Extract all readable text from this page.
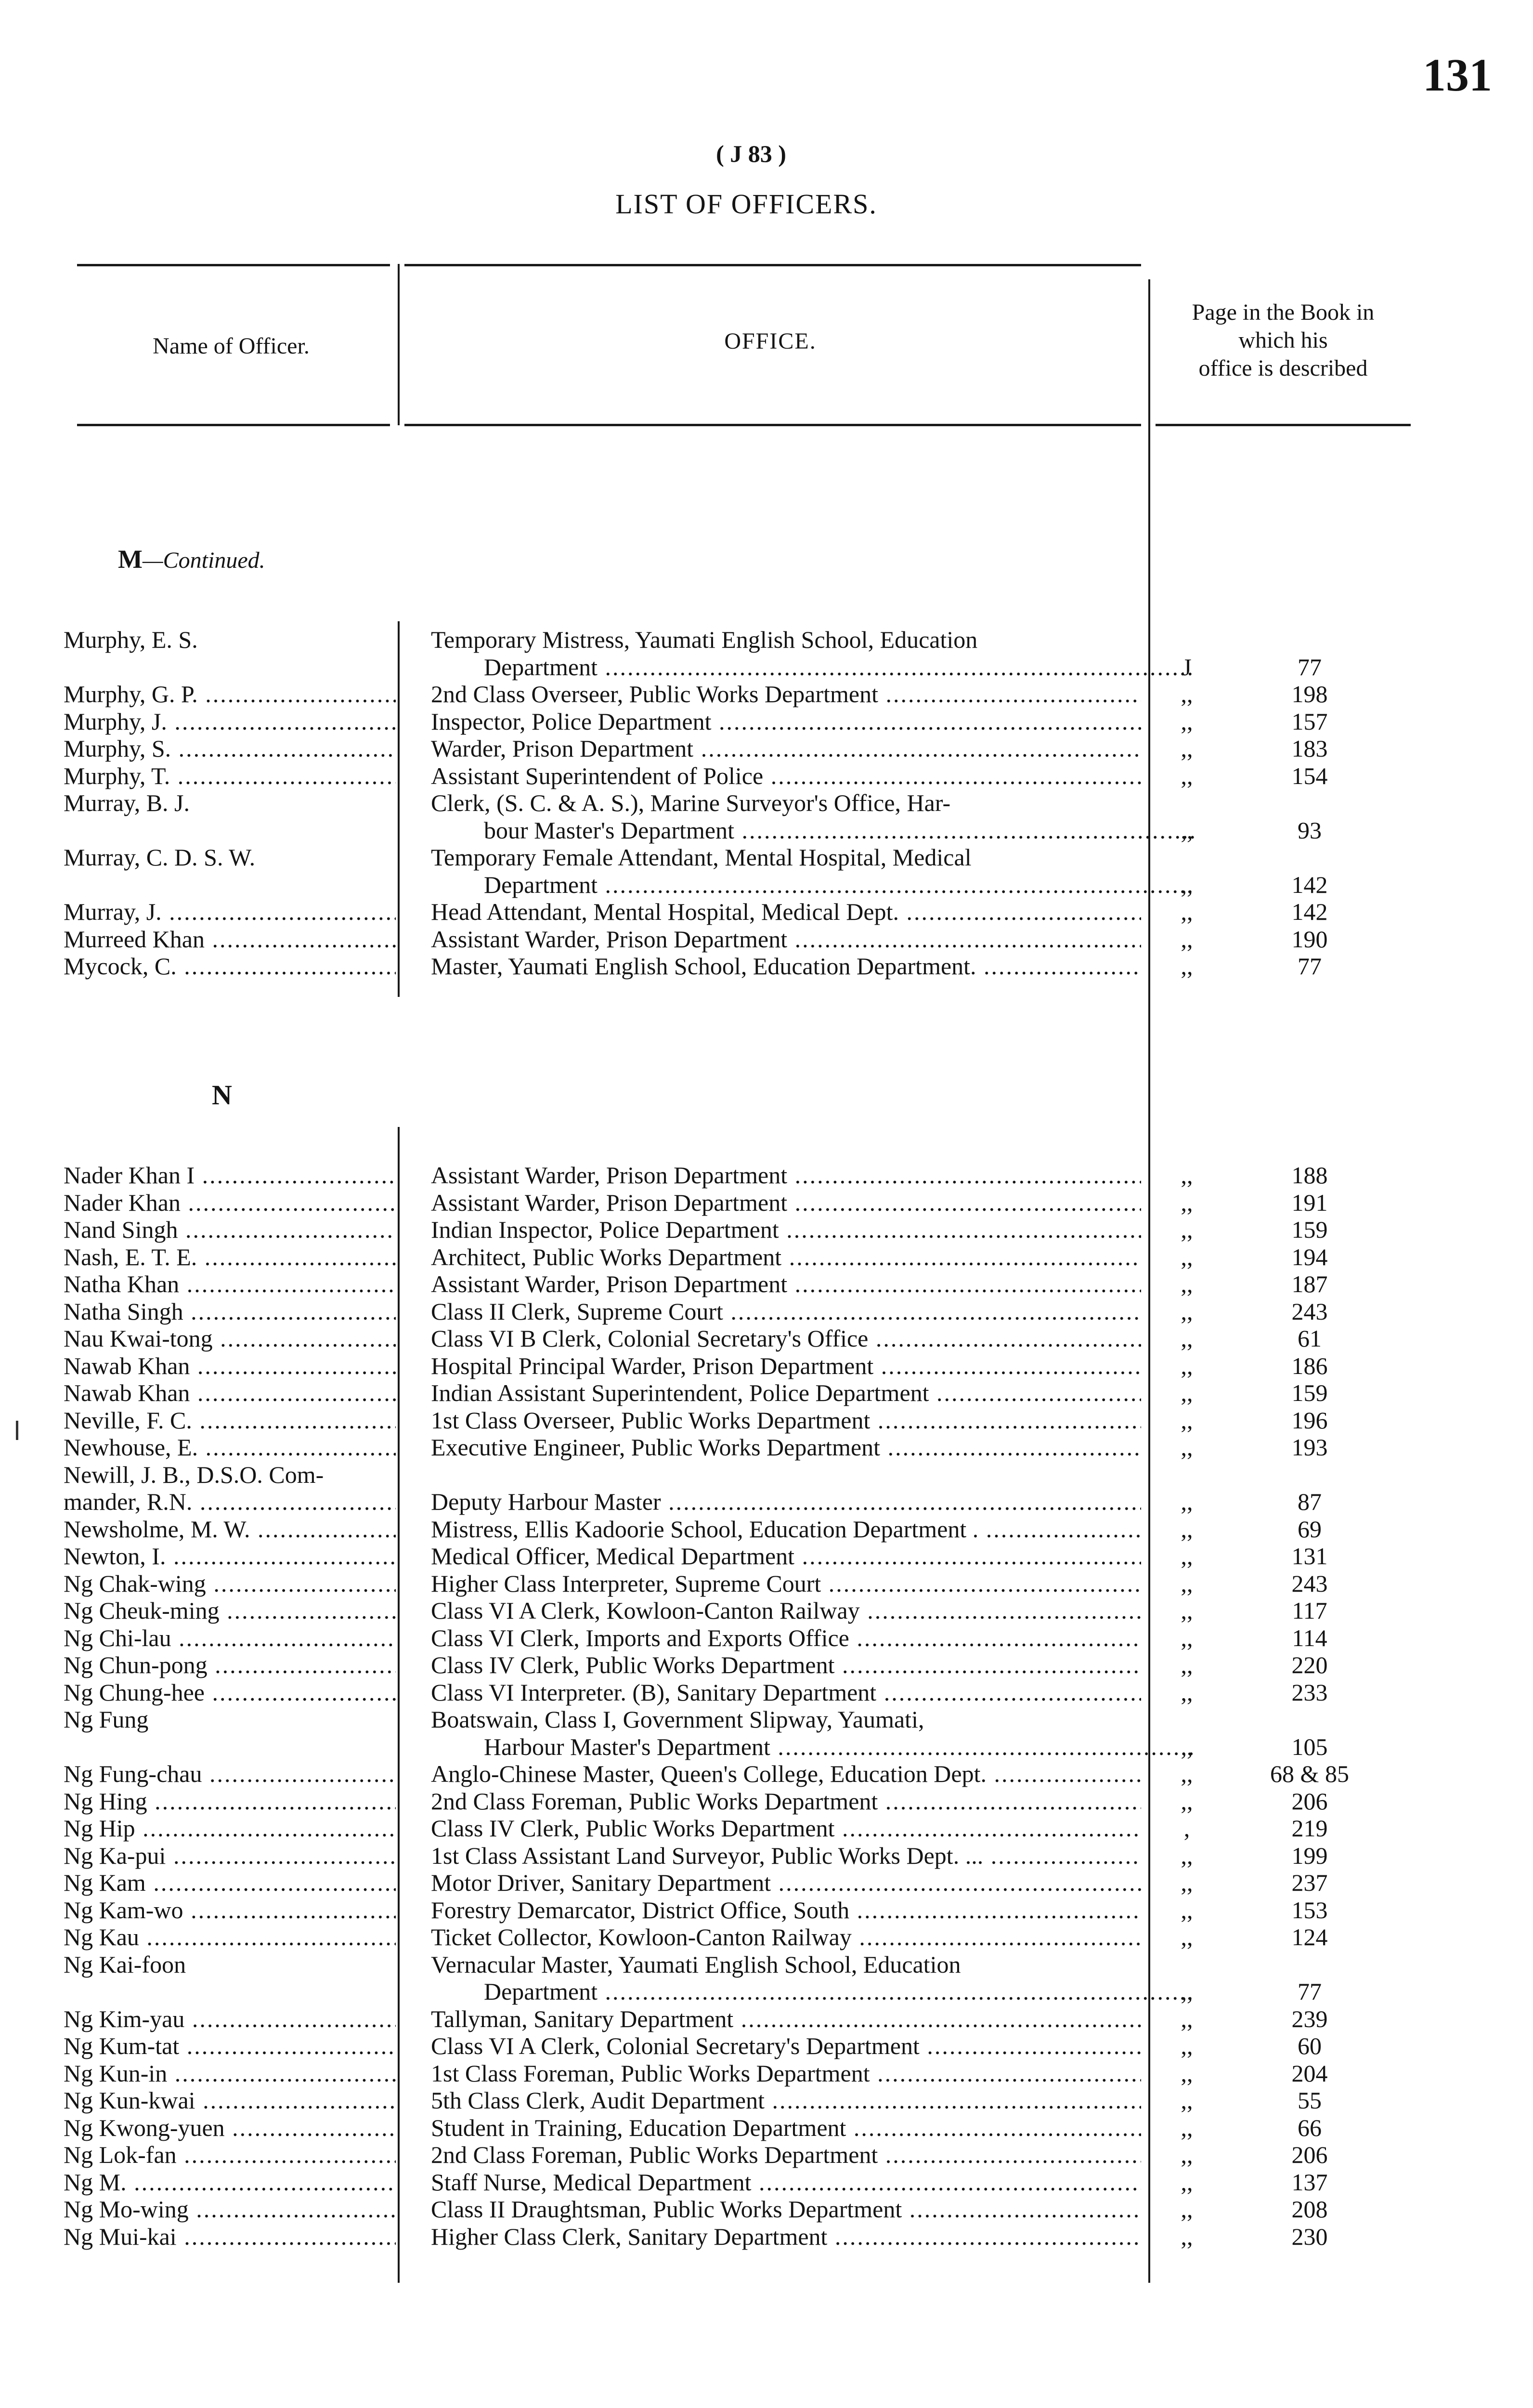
131
( J 83 )
LIST OF OFFICERS.
Name of Officer.	OFFICE.
Page in the Book in
which his
office is described
M—Continued.
Murphy, E. S.	Temporary Mistress, Yaumati English School, Education
Department .....	J	77
Murphy, G. P. .....	2nd Class Overseer, Public Works Department .....	,,	198
Murphy, J. .....	Inspector, Police Department .....	,,	157
Murphy, S. .....	Warder, Prison Department .....	,,	183
Murphy, T. .....	Assistant Superintendent of Police .....	,,	154
Murray, B. J.	Clerk, (S. C. & A. S.), Marine Surveyor's Office, Har-
bour Master's Department .....	,,	93
Murray, C. D. S. W.	Temporary Female Attendant, Mental Hospital, Medical
Department .....	,,	142
Murray, J. .....	Head Attendant, Mental Hospital, Medical Dept. .....	,,	142
Murreed Khan .....	Assistant Warder, Prison Department .....	,,	190
Mycock, C. .....	Master, Yaumati English School, Education Department. .....	,,	77
N
Nader Khan I .....	Assistant Warder, Prison Department .....	,,	188
Nader Khan .....	Assistant Warder, Prison Department .....	,,	191
Nand Singh .....	Indian Inspector, Police Department .....	,,	159
Nash, E. T. E. .....	Architect, Public Works Department .....	,,	194
Natha Khan .....	Assistant Warder, Prison Department .....	,,	187
Natha Singh .....	Class II Clerk, Supreme Court .....	,,	243
Nau Kwai-tong .....	Class VI B Clerk, Colonial Secretary's Office .....	,,	61
Nawab Khan .....	Hospital Principal Warder, Prison Department .....	,,	186
Nawab Khan .....	Indian Assistant Superintendent, Police Department .....	,,	159
Neville, F. C. .....	1st Class Overseer, Public Works Department .....	,,	196
Newhouse, E. .....	Executive Engineer, Public Works Department .....	,,	193
Newill, J. B., D.S.O. Com-
mander, R.N. .....	Deputy Harbour Master .....	,,	87
Newsholme, M. W. .....	Mistress, Ellis Kadoorie School, Education Department . .....	,,	69
Newton, I. .....	Medical Officer, Medical Department .....	,,	131
Ng Chak-wing .....	Higher Class Interpreter, Supreme Court .....	,,	243
Ng Cheuk-ming .....	Class VI A Clerk, Kowloon-Canton Railway .....	,,	117
Ng Chi-lau .....	Class VI Clerk, Imports and Exports Office .....	,,	114
Ng Chun-pong .....	Class IV Clerk, Public Works Department .....	,,	220
Ng Chung-hee .....	Class VI Interpreter. (B), Sanitary Department .....	,,	233
Ng Fung	Boatswain, Class I, Government Slipway, Yaumati,
Harbour Master's Department .....	,,	105
Ng Fung-chau .....	Anglo-Chinese Master, Queen's College, Education Dept. .....	,,	68 & 85
Ng Hing .....	2nd Class Foreman, Public Works Department .....	,,	206
Ng Hip .....	Class IV Clerk, Public Works Department .....	,	219
Ng Ka-pui .....	1st Class Assistant Land Surveyor, Public Works Dept. ... .....	,,	199
Ng Kam .....	Motor Driver, Sanitary Department .....	,,	237
Ng Kam-wo .....	Forestry Demarcator, District Office, South .....	,,	153
Ng Kau .....	Ticket Collector, Kowloon-Canton Railway .....	,,	124
Ng Kai-foon	Vernacular Master, Yaumati English School, Education
Department .....	,,	77
Ng Kim-yau .....	Tallyman, Sanitary Department .....	,,	239
Ng Kum-tat .....	Class VI A Clerk, Colonial Secretary's Department .....	,,	60
Ng Kun-in .....	1st Class Foreman, Public Works Department .....	,,	204
Ng Kun-kwai .....	5th Class Clerk, Audit Department .....	,,	55
Ng Kwong-yuen .....	Student in Training, Education Department .....	,,	66
Ng Lok-fan .....	2nd Class Foreman, Public Works Department .....	,,	206
Ng M. .....	Staff Nurse, Medical Department .....	,,	137
Ng Mo-wing .....	Class II Draughtsman, Public Works Department .....	,,	208
Ng Mui-kai .....	Higher Class Clerk, Sanitary Department .....	,,	230
